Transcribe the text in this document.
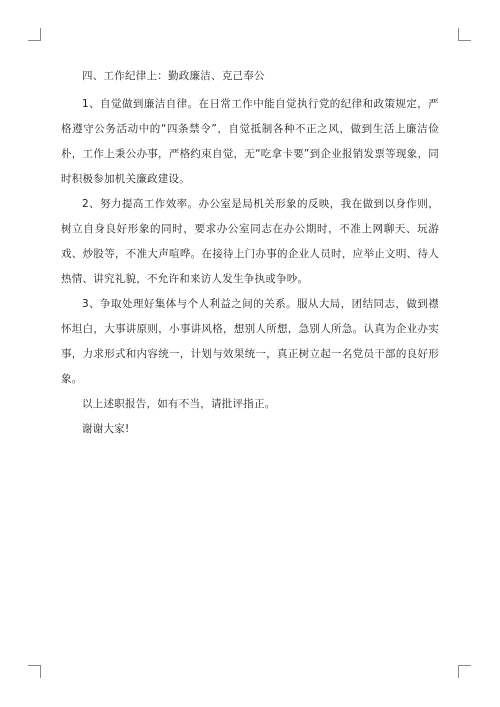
四、工作纪律上：勤政廉洁、克己奉公

1、自觉做到廉洁自律。在日常工作中能自觉执行党的纪律和政策规定，严格遵守公务活动中的“四条禁令”，自觉抵制各种不正之风，做到生活上廉洁俭朴，工作上秉公办事，严格约束自觉，无“吃拿卡要”到企业报销发票等现象，同时积极参加机关廉政建设。

2、努力提高工作效率。办公室是局机关形象的反映，我在做到以身作则，树立自身良好形象的同时，要求办公室同志在办公期时，不准上网聊天、玩游戏、炒股等，不准大声喧哗。在接待上门办事的企业人员时，应举止文明、待人热情、讲究礼貌，不允许和来访人发生争执或争吵。

3、争取处理好集体与个人利益之间的关系。服从大局，团结同志，做到襟怀坦白，大事讲原则，小事讲风格，想别人所想，急别人所急。认真为企业办实事，力求形式和内容统一，计划与效果统一，真正树立起一名党员干部的良好形象。

以上述职报告，如有不当，请批评指正。

谢谢大家!
